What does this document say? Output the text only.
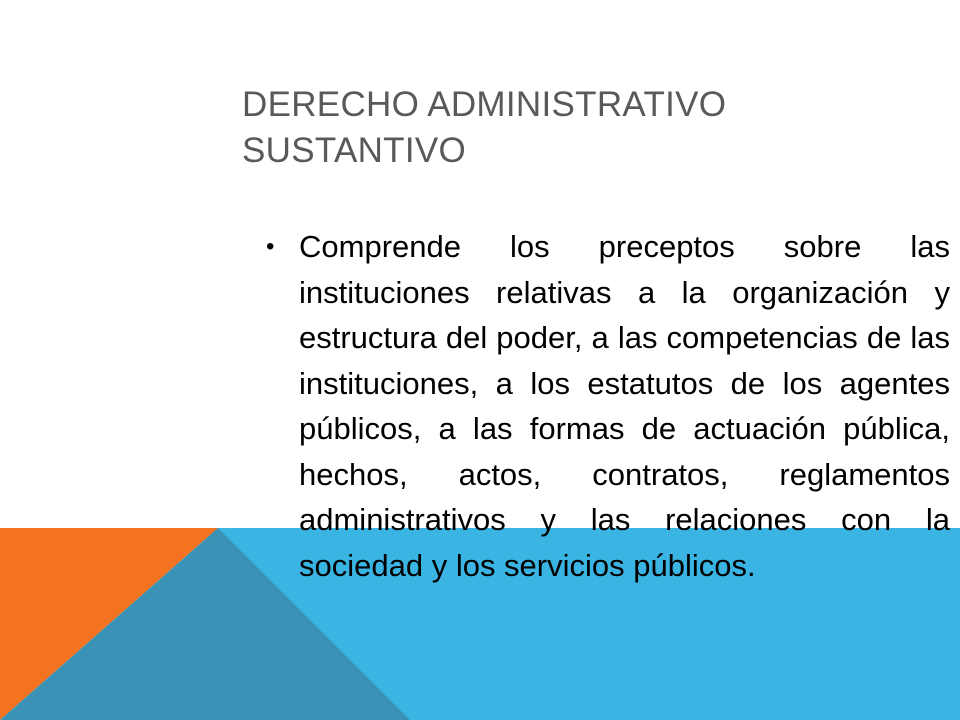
DERECHO ADMINISTRATIVO SUSTANTIVO
• Comprende los preceptos sobre las instituciones relativas a la organización y estructura del poder, a las competencias de las instituciones, a los estatutos de los agentes públicos, a las formas de actuación pública, hechos, actos, contratos, reglamentos administrativos y las relaciones con la sociedad y los servicios públicos.
